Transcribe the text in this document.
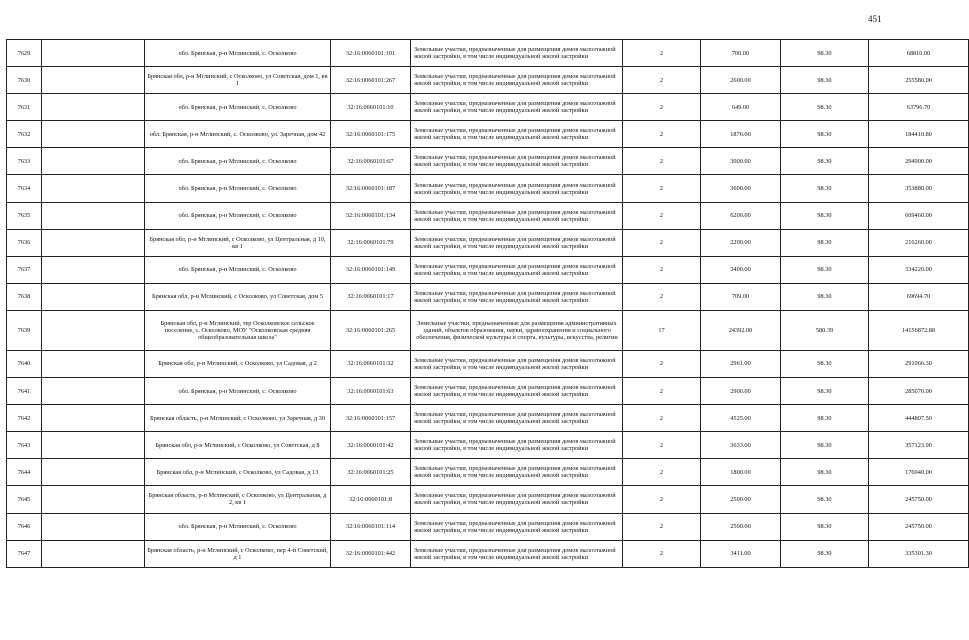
451
7629		обл. Брянская, р-н Мглинский, с. Осколково	32:16:0060101:101	Земельные участки, предназначенные для размещения домов малоэтажной жилой застройки, в том числе индивидуальной жилой застройки	2	700.00	98.30	68810.00
7630		Брянская обл, р-н Мглинский, с Осколково, ул Советская, дом 1, кв 1	32:16:0060101:267	Земельные участки, предназначенные для размещения домов малоэтажной жилой застройки, в том числе индивидуальной жилой застройки	2	2600.00	98.30	255580.00
7631		обл. Брянская, р-н Мглинский, с. Осколково	32:16:0060101:10	Земельные участки, предназначенные для размещения домов малоэтажной жилой застройки, в том числе индивидуальной жилой застройки	2	649.00	98.30	63796.70
7632		обл. Брянская, р-н Мглинский, с. Осколково, ул. Заречная, дом 42	32:16:0060101:175	Земельные участки, предназначенные для размещения домов малоэтажной жилой застройки, в том числе индивидуальной жилой застройки	2	1876.00	98.30	184410.80
7633		обл. Брянская, р-н Мглинский, с. Осколково	32:16:0060101:67	Земельные участки, предназначенные для размещения домов малоэтажной жилой застройки, в том числе индивидуальной жилой застройки	2	3000.00	98.30	294900.00
7634		обл. Брянская, р-н Мглинский, с. Осколково	32:16:0060101:187	Земельные участки, предназначенные для размещения домов малоэтажной жилой застройки, в том числе индивидуальной жилой застройки	2	3600.00	98.30	353880.00
7635		обл. Брянская, р-н Мглинский, с. Осколково	32:16:0060101:134	Земельные участки, предназначенные для размещения домов малоэтажной жилой застройки, в том числе индивидуальной жилой застройки	2	6200.00	98.30	609460.00
7636		Брянская обл, р-н Мглинский, с Осколково, ул Центральная, д 10, кв 1	32:16:0060101:79	Земельные участки, предназначенные для размещения домов малоэтажной жилой застройки, в том числе индивидуальной жилой застройки	2	2200.00	98.30	216260.00
7637		обл. Брянская, р-н Мглинский, с. Осколково	32:16:0060101:149	Земельные участки, предназначенные для размещения домов малоэтажной жилой застройки, в том числе индивидуальной жилой застройки	2	3400.00	98.30	334220.00
7638		Брянская обл, р-н Мглинский, с Осколково, ул Советская, дом 5	32:16:0060101:17	Земельные участки, предназначенные для размещения домов малоэтажной жилой застройки, в том числе индивидуальной жилой застройки	2	709.00	98.30	69694.70
7639		Брянская обл, р-н Мглинский, тер Осколковское сельское поселение, с. Осколково, МОУ "Осколковская средняя общеобразовательная школа"	32:16:0060101:265	Земельные участки, предназначенные для размещения административных зданий, объектов образования, науки, здравоохранения и социального обеспечения, физической культуры и спорта, культуры, искусства, религии	17	24392.00	580.39	14156872.88
7640		Брянская обл, р-н Мглинский, с Осколково, ул Садовая, д 2	32:16:0060101:32	Земельные участки, предназначенные для размещения домов малоэтажной жилой застройки, в том числе индивидуальной жилой застройки	2	2961.00	98.30	291066.30
7641		обл. Брянская, р-н Мглинский, с. Осколково	32:16:0060101:63	Земельные участки, предназначенные для размещения домов малоэтажной жилой застройки, в том числе индивидуальной жилой застройки	2	2900.00	98.30	285070.00
7642		Брянская область, р-н Мглинский, с Осколково, ул Заречная, д 30	32:16:0060101:157	Земельные участки, предназначенные для размещения домов малоэтажной жилой застройки, в том числе индивидуальной жилой застройки	2	4525.00	98.30	444807.50
7643		Брянская обл, р-н Мглинский, с Осколково, ул Советская, д 8	32:16:0060101:42	Земельные участки, предназначенные для размещения домов малоэтажной жилой застройки, в том числе индивидуальной жилой застройки	2	3633.00	98.30	357123.90
7644		Брянская обл, р-н Мглинский, с Осколково, ул Садовая, д 13	32:16:0060101:25	Земельные участки, предназначенные для размещения домов малоэтажной жилой застройки, в том числе индивидуальной жилой застройки	2	1800.00	98.30	176940.00
7645		Брянская область, р-н Мглинский, с Осколково, ул Центральная, д 2, кв 1	32:16:0060101:8	Земельные участки, предназначенные для размещения домов малоэтажной жилой застройки, в том числе индивидуальной жилой застройки	2	2500.00	98.30	245750.00
7646		обл. Брянская, р-н Мглинский, с. Осколково	32:16:0060101:114	Земельные участки, предназначенные для размещения домов малоэтажной жилой застройки, в том числе индивидуальной жилой застройки	2	2500.00	98.30	245750.00
7647		Брянская область, р-н Мглинский, с Осколково, пер 4-й Советский, д 1	32:16:0060101:442	Земельные участки, предназначенные для размещения домов малоэтажной жилой застройки, в том числе индивидуальной жилой застройки	2	3411.00	98.30	335301.30
